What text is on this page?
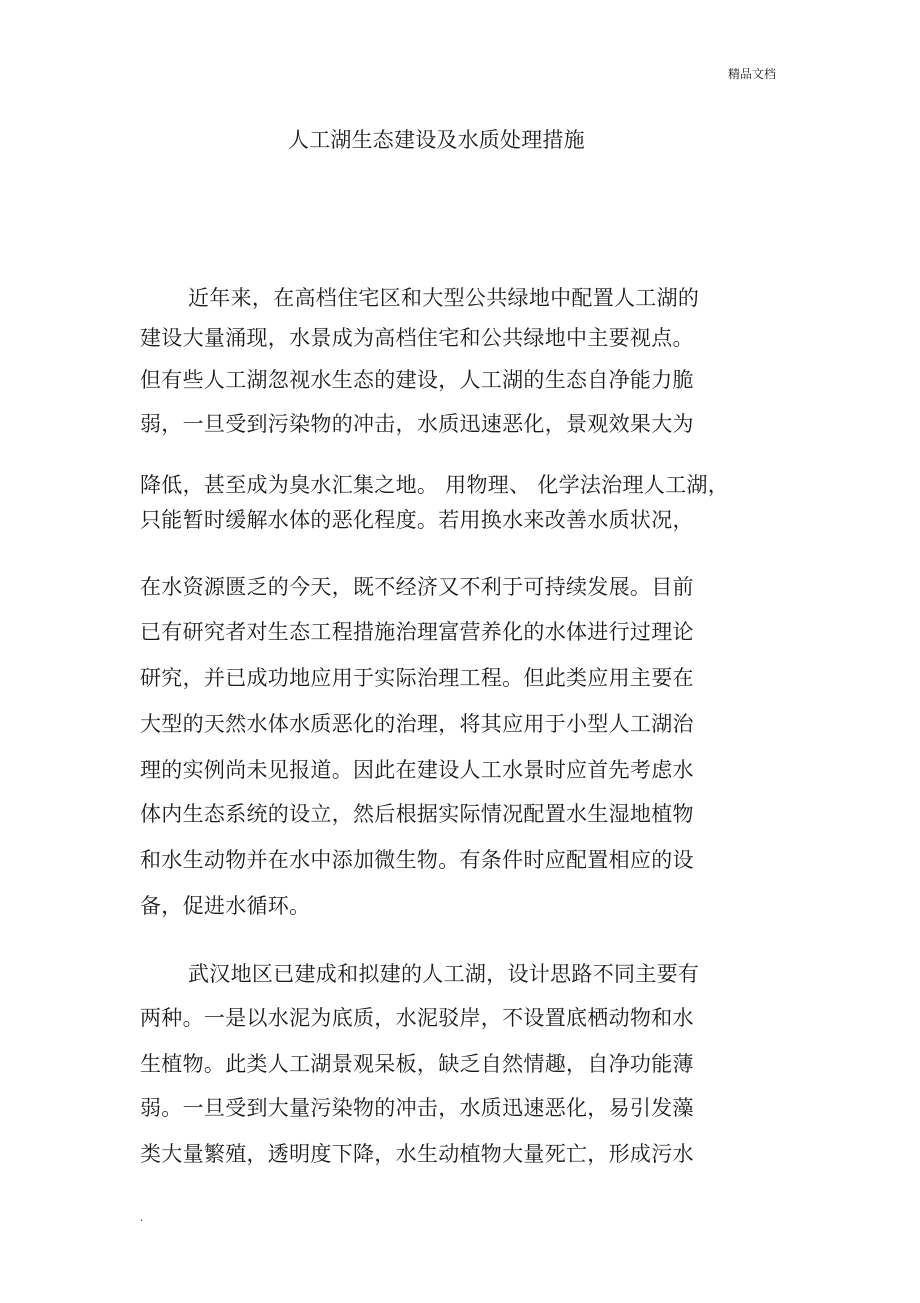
精品文档
人工湖生态建设及水质处理措施
近年来，在高档住宅区和大型公共绿地中配置人工湖的
建设大量涌现，水景成为高档住宅和公共绿地中主要视点。
但有些人工湖忽视水生态的建设，人工湖的生态自净能力脆
弱，一旦受到污染物的冲击，水质迅速恶化，景观效果大为
降低，甚至成为臭水汇集之地。 用物理、 化学法治理人工湖，
只能暂时缓解水体的恶化程度。若用换水来改善水质状况，
在水资源匮乏的今天，既不经济又不利于可持续发展。目前
已有研究者对生态工程措施治理富营养化的水体进行过理论
研究，并已成功地应用于实际治理工程。但此类应用主要在
大型的天然水体水质恶化的治理，将其应用于小型人工湖治
理的实例尚未见报道。因此在建设人工水景时应首先考虑水
体内生态系统的设立，然后根据实际情况配置水生湿地植物
和水生动物并在水中添加微生物。有条件时应配置相应的设
备，促进水循环。
武汉地区已建成和拟建的人工湖，设计思路不同主要有
两种。一是以水泥为底质，水泥驳岸，不设置底栖动物和水
生植物。此类人工湖景观呆板，缺乏自然情趣，自净功能薄
弱。一旦受到大量污染物的冲击，水质迅速恶化，易引发藻
类大量繁殖，透明度下降，水生动植物大量死亡，形成污水
.
